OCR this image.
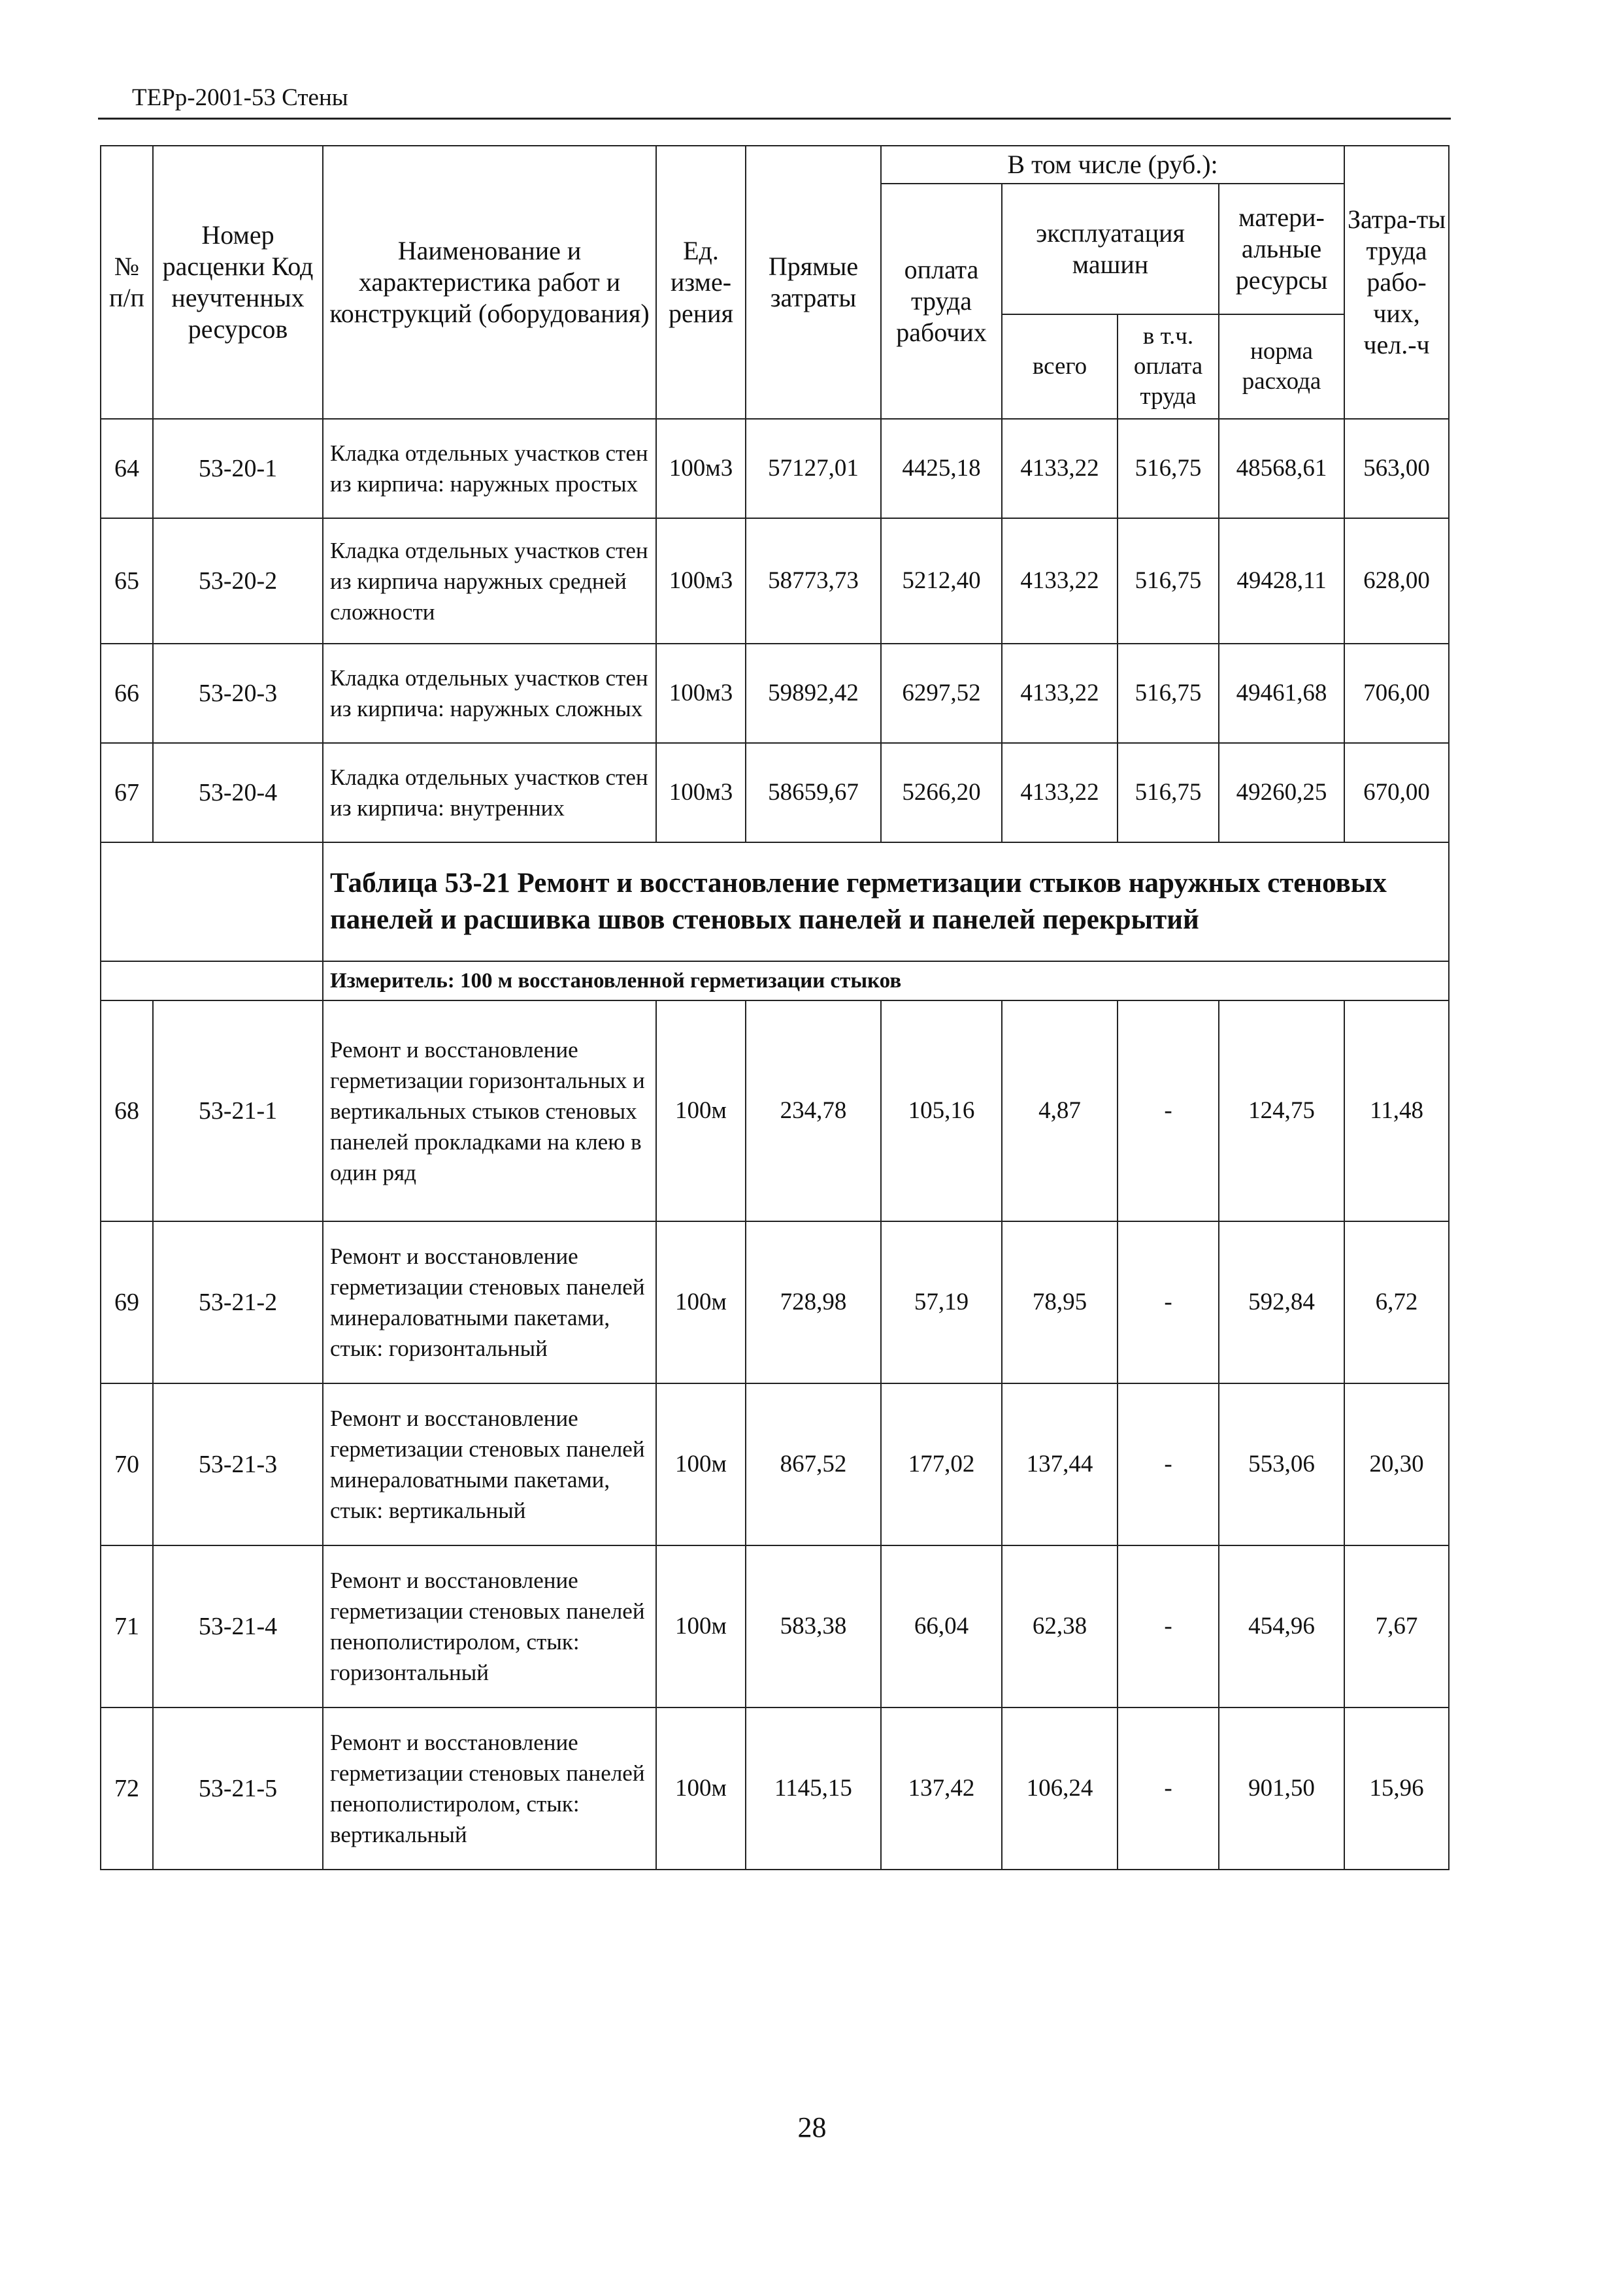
ТЕРр-2001-53 Стены
№ п/п	Номер расценки Код неучтенных ресурсов	Наименование и характеристика работ и конструкций (оборудования)	Ед. изме-рения	Прямые затраты	В том числе (руб.):				Затра-ты труда рабо-чих, чел.-ч
					оплата труда рабочих	эксплуатация машин		матери-альные ресурсы	
						всего	в т.ч. оплата труда	норма расхода	

64	53-20-1	Кладка отдельных участков стен из кирпича: наружных простых	100м3	57127,01	4425,18	4133,22	516,75	48568,61	563,00
65	53-20-2	Кладка отдельных участков стен из кирпича наружных средней сложности	100м3	58773,73	5212,40	4133,22	516,75	49428,11	628,00
66	53-20-3	Кладка отдельных участков стен из кирпича: наружных сложных	100м3	59892,42	6297,52	4133,22	516,75	49461,68	706,00
67	53-20-4	Кладка отдельных участков стен из кирпича: внутренних	100м3	58659,67	5266,20	4133,22	516,75	49260,25	670,00
		Таблица 53-21 Ремонт и восстановление герметизации стыков наружных стеновых панелей и расшивка швов стеновых панелей и панелей перекрытий							
		Измеритель: 100 м восстановленной герметизации стыков							
68	53-21-1	Ремонт и восстановление герметизации горизонтальных и вертикальных стыков стеновых панелей прокладками на клею в один ряд	100м	234,78	105,16	4,87	-	124,75	11,48
69	53-21-2	Ремонт и восстановление герметизации стеновых панелей минераловатными пакетами, стык: горизонтальный	100м	728,98	57,19	78,95	-	592,84	6,72
70	53-21-3	Ремонт и восстановление герметизации стеновых панелей минераловатными пакетами, стык: вертикальный	100м	867,52	177,02	137,44	-	553,06	20,30
71	53-21-4	Ремонт и восстановление герметизации стеновых панелей пенополистиролом, стык: горизонтальный	100м	583,38	66,04	62,38	-	454,96	7,67
72	53-21-5	Ремонт и восстановление герметизации стеновых панелей пенополистиролом, стык: вертикальный	100м	1145,15	137,42	106,24	-	901,50	15,96
28
